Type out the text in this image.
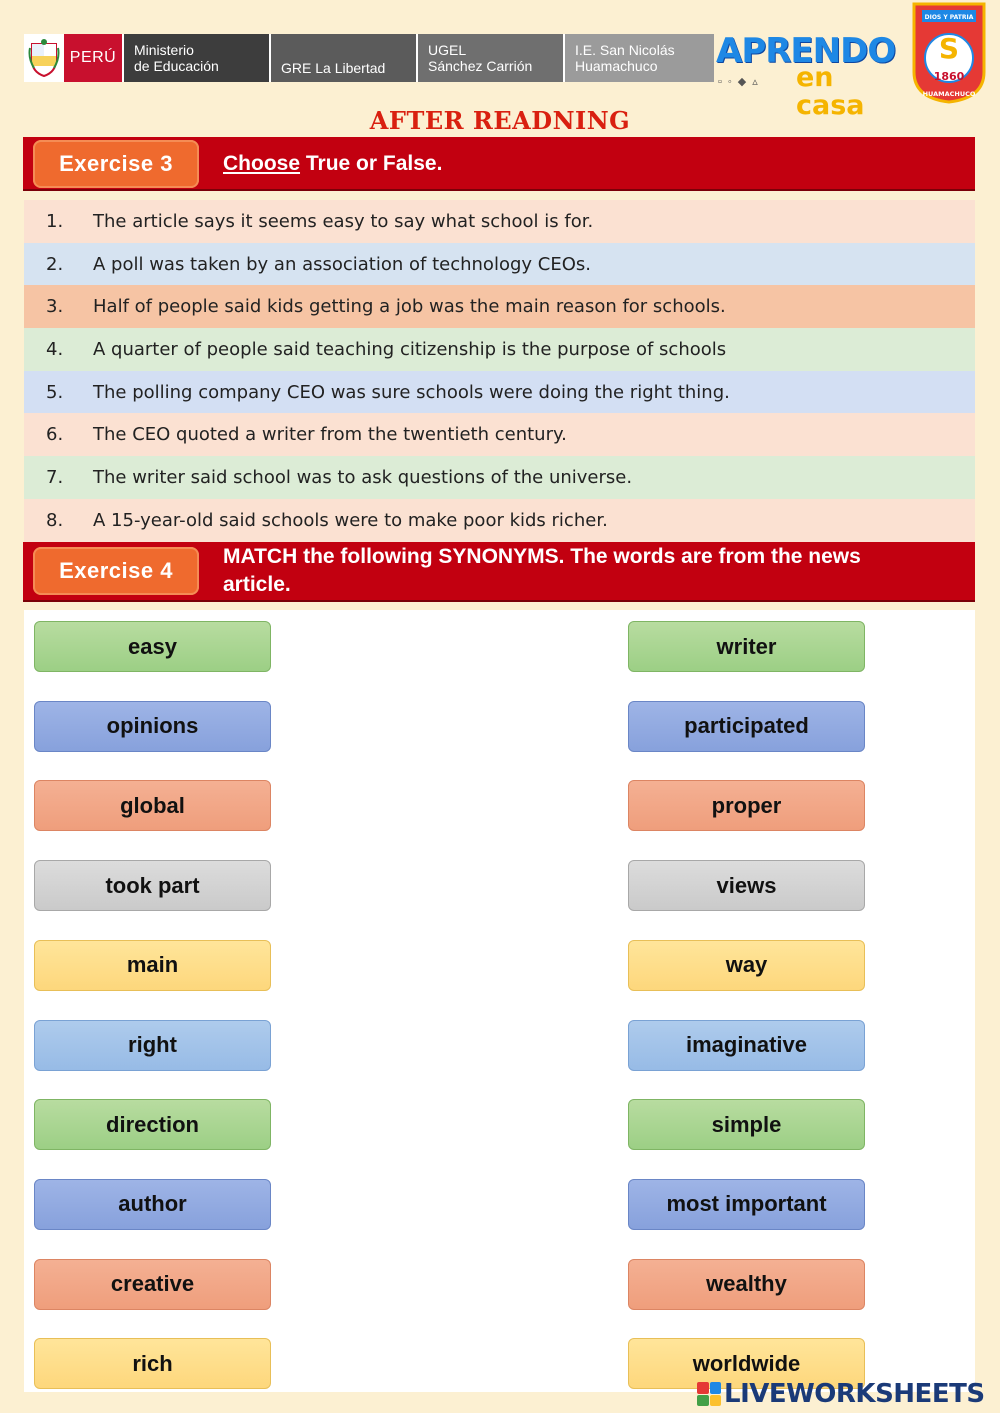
PERÚ	Ministerio
de Educación	GRE La Libertad
UGEL
Sánchez Carrión
I.E. San Nicolás
Huamachuco	APRENDO
▫◦◆▵ en casa
DIOS Y PATRIA
S
1860
HUAMACHUCO
AFTER READNING
Exercise 3	Choose True or False.
1.	The article says it seems easy to say what school is for.
2.	A poll was taken by an association of technology CEOs.
3.	Half of people said kids getting a job was the main reason for schools.
4.	A quarter of people said teaching citizenship is the purpose of schools
5.	The polling company CEO was sure schools were doing the right thing.
6.	The CEO quoted a writer from the twentieth century.
7.	The writer said school was to ask questions of the universe.
8.	A 15-year-old said schools were to make poor kids richer.
Exercise 4
MATCH the following SYNONYMS. The words are from the news
article.
easy	writer
opinions	participated
global	proper
took part	views
main	way
right	imaginative
direction	simple
author	most important
creative	wealthy
rich	worldwide
LIVEWORKSHEETS
